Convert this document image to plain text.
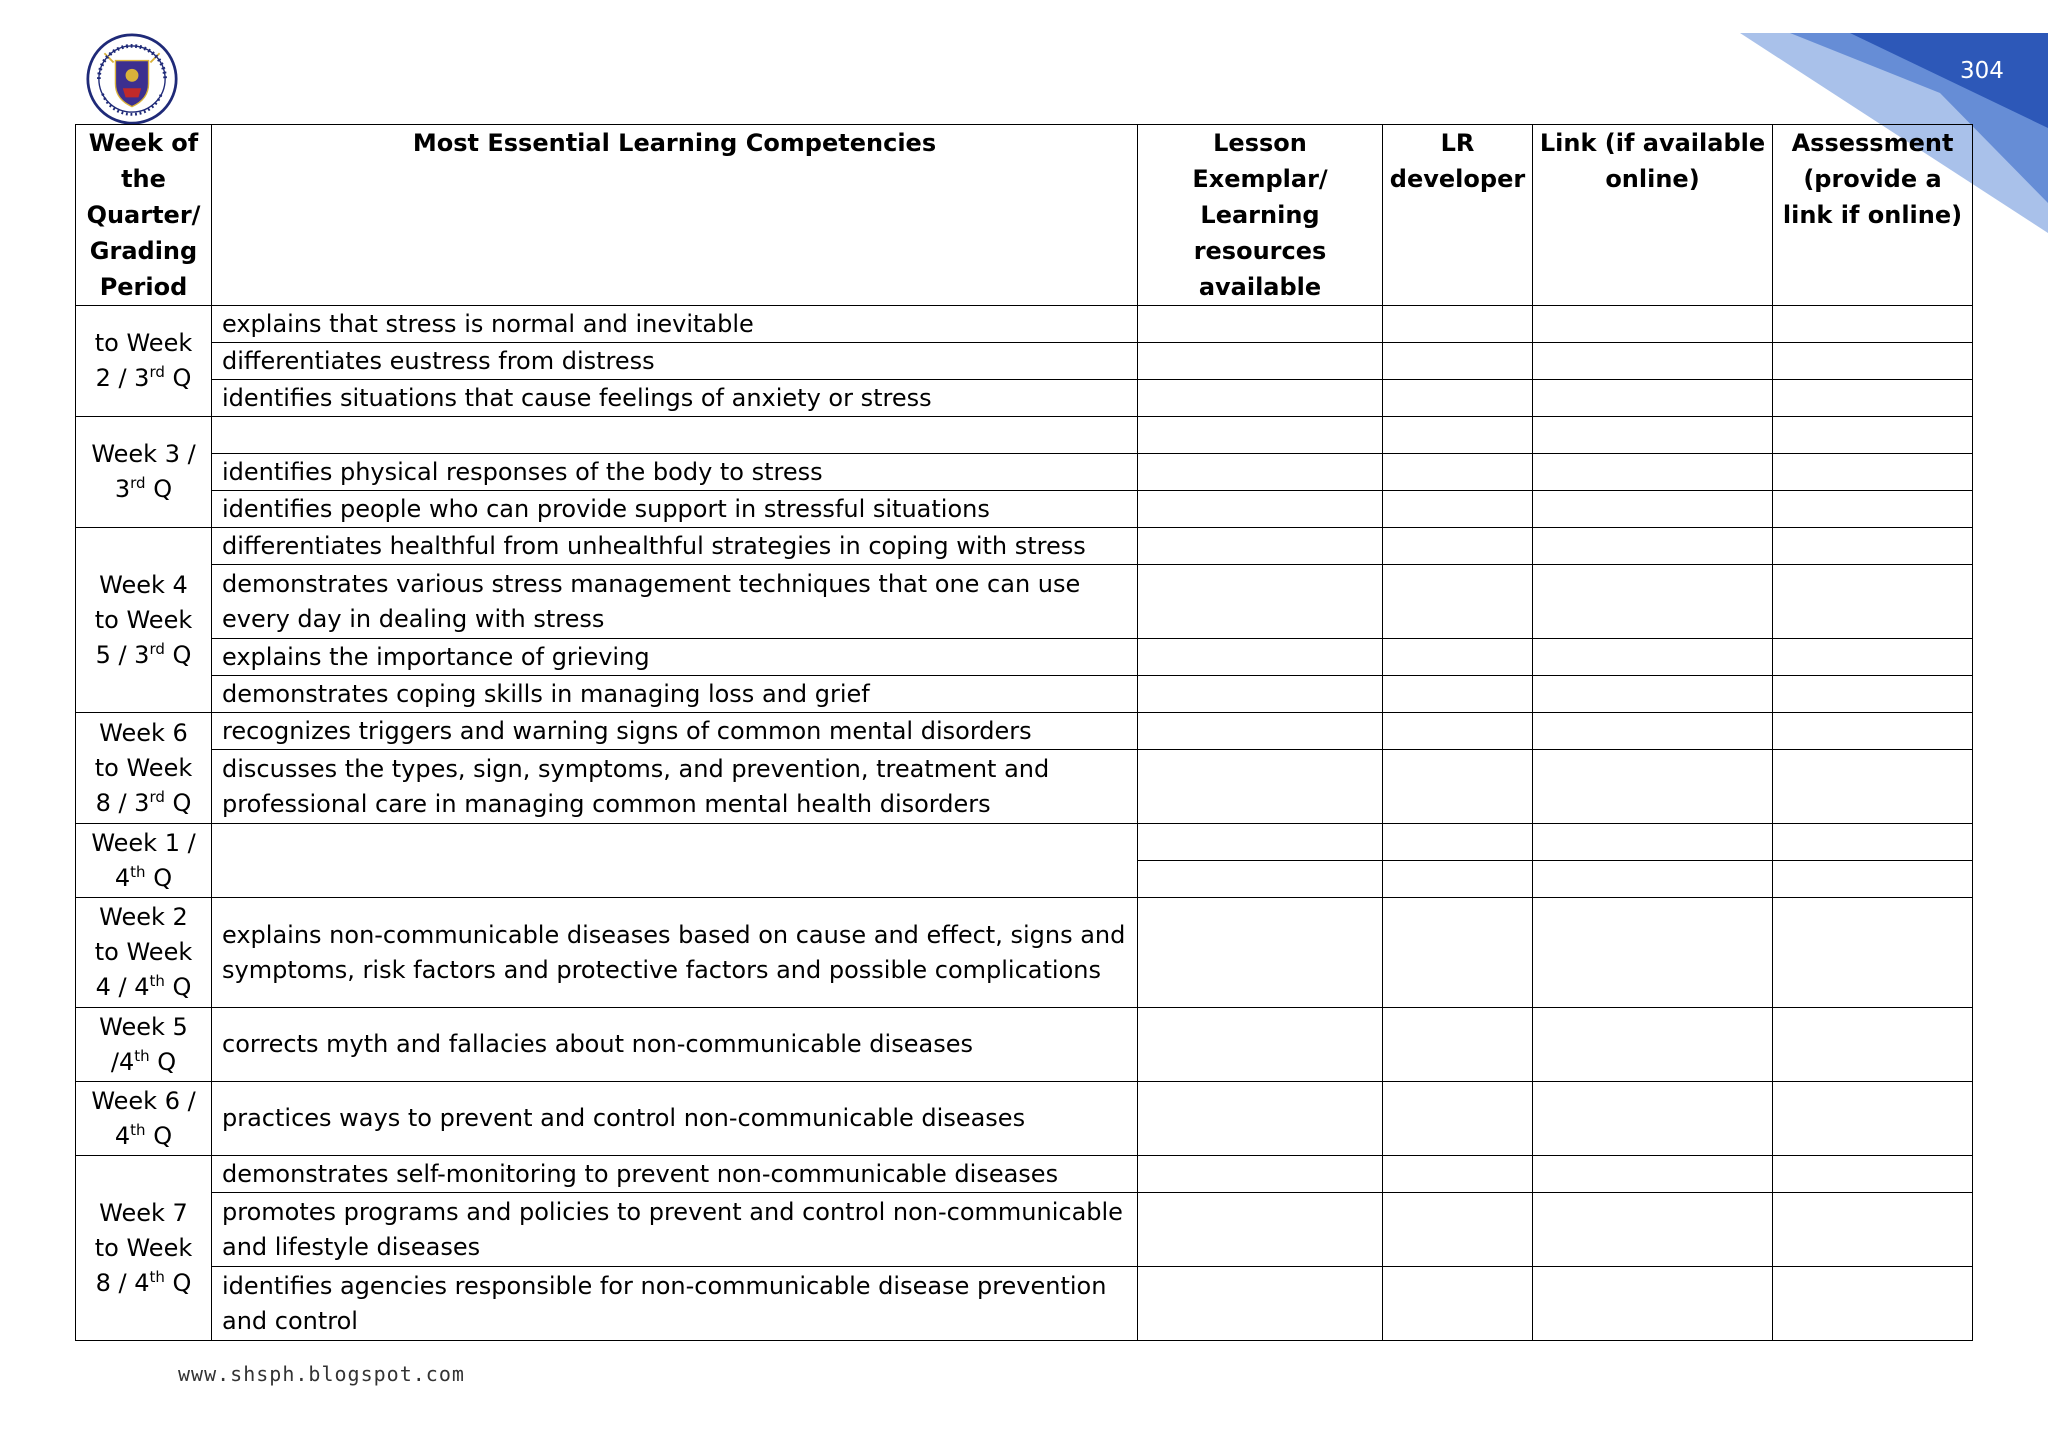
304
Week of the Quarter/ Grading Period	Most Essential Learning Competencies	Lesson Exemplar/ Learning resources available	LR developer	Link (if available online)	Assessment (provide a link if online)
to Week 2 / 3rd Q	explains that stress is normal and inevitable				
	differentiates eustress from distress				
	identifies situations that cause feelings of anxiety or stress				
Week 3 / 3rd Q					
	identifies physical responses of the body to stress				
	identifies people who can provide support in stressful situations				
Week 4 to Week 5 / 3rd Q	differentiates healthful from unhealthful strategies in coping with stress				
	demonstrates various stress management techniques that one can use every day in dealing with stress				
	explains the importance of grieving				
	demonstrates coping skills in managing loss and grief				
Week 6 to Week 8 / 3rd Q	recognizes triggers and warning signs of common mental disorders				
	discusses the types, sign, symptoms, and prevention, treatment and professional care in managing common mental health disorders				
Week 1 / 4th Q					

Week 2 to Week 4 / 4th Q	explains non-communicable diseases based on cause and effect, signs and symptoms, risk factors and protective factors and possible complications				
Week 5 /4th Q	corrects myth and fallacies about non-communicable diseases				
Week 6 / 4th Q	practices ways to prevent and control non-communicable diseases				
Week 7 to Week 8 / 4th Q	demonstrates self-monitoring to prevent non-communicable diseases				
	promotes programs and policies to prevent and control non-communicable and lifestyle diseases				
	identifies agencies responsible for non-communicable disease prevention and control				
www.shsph.blogspot.com
